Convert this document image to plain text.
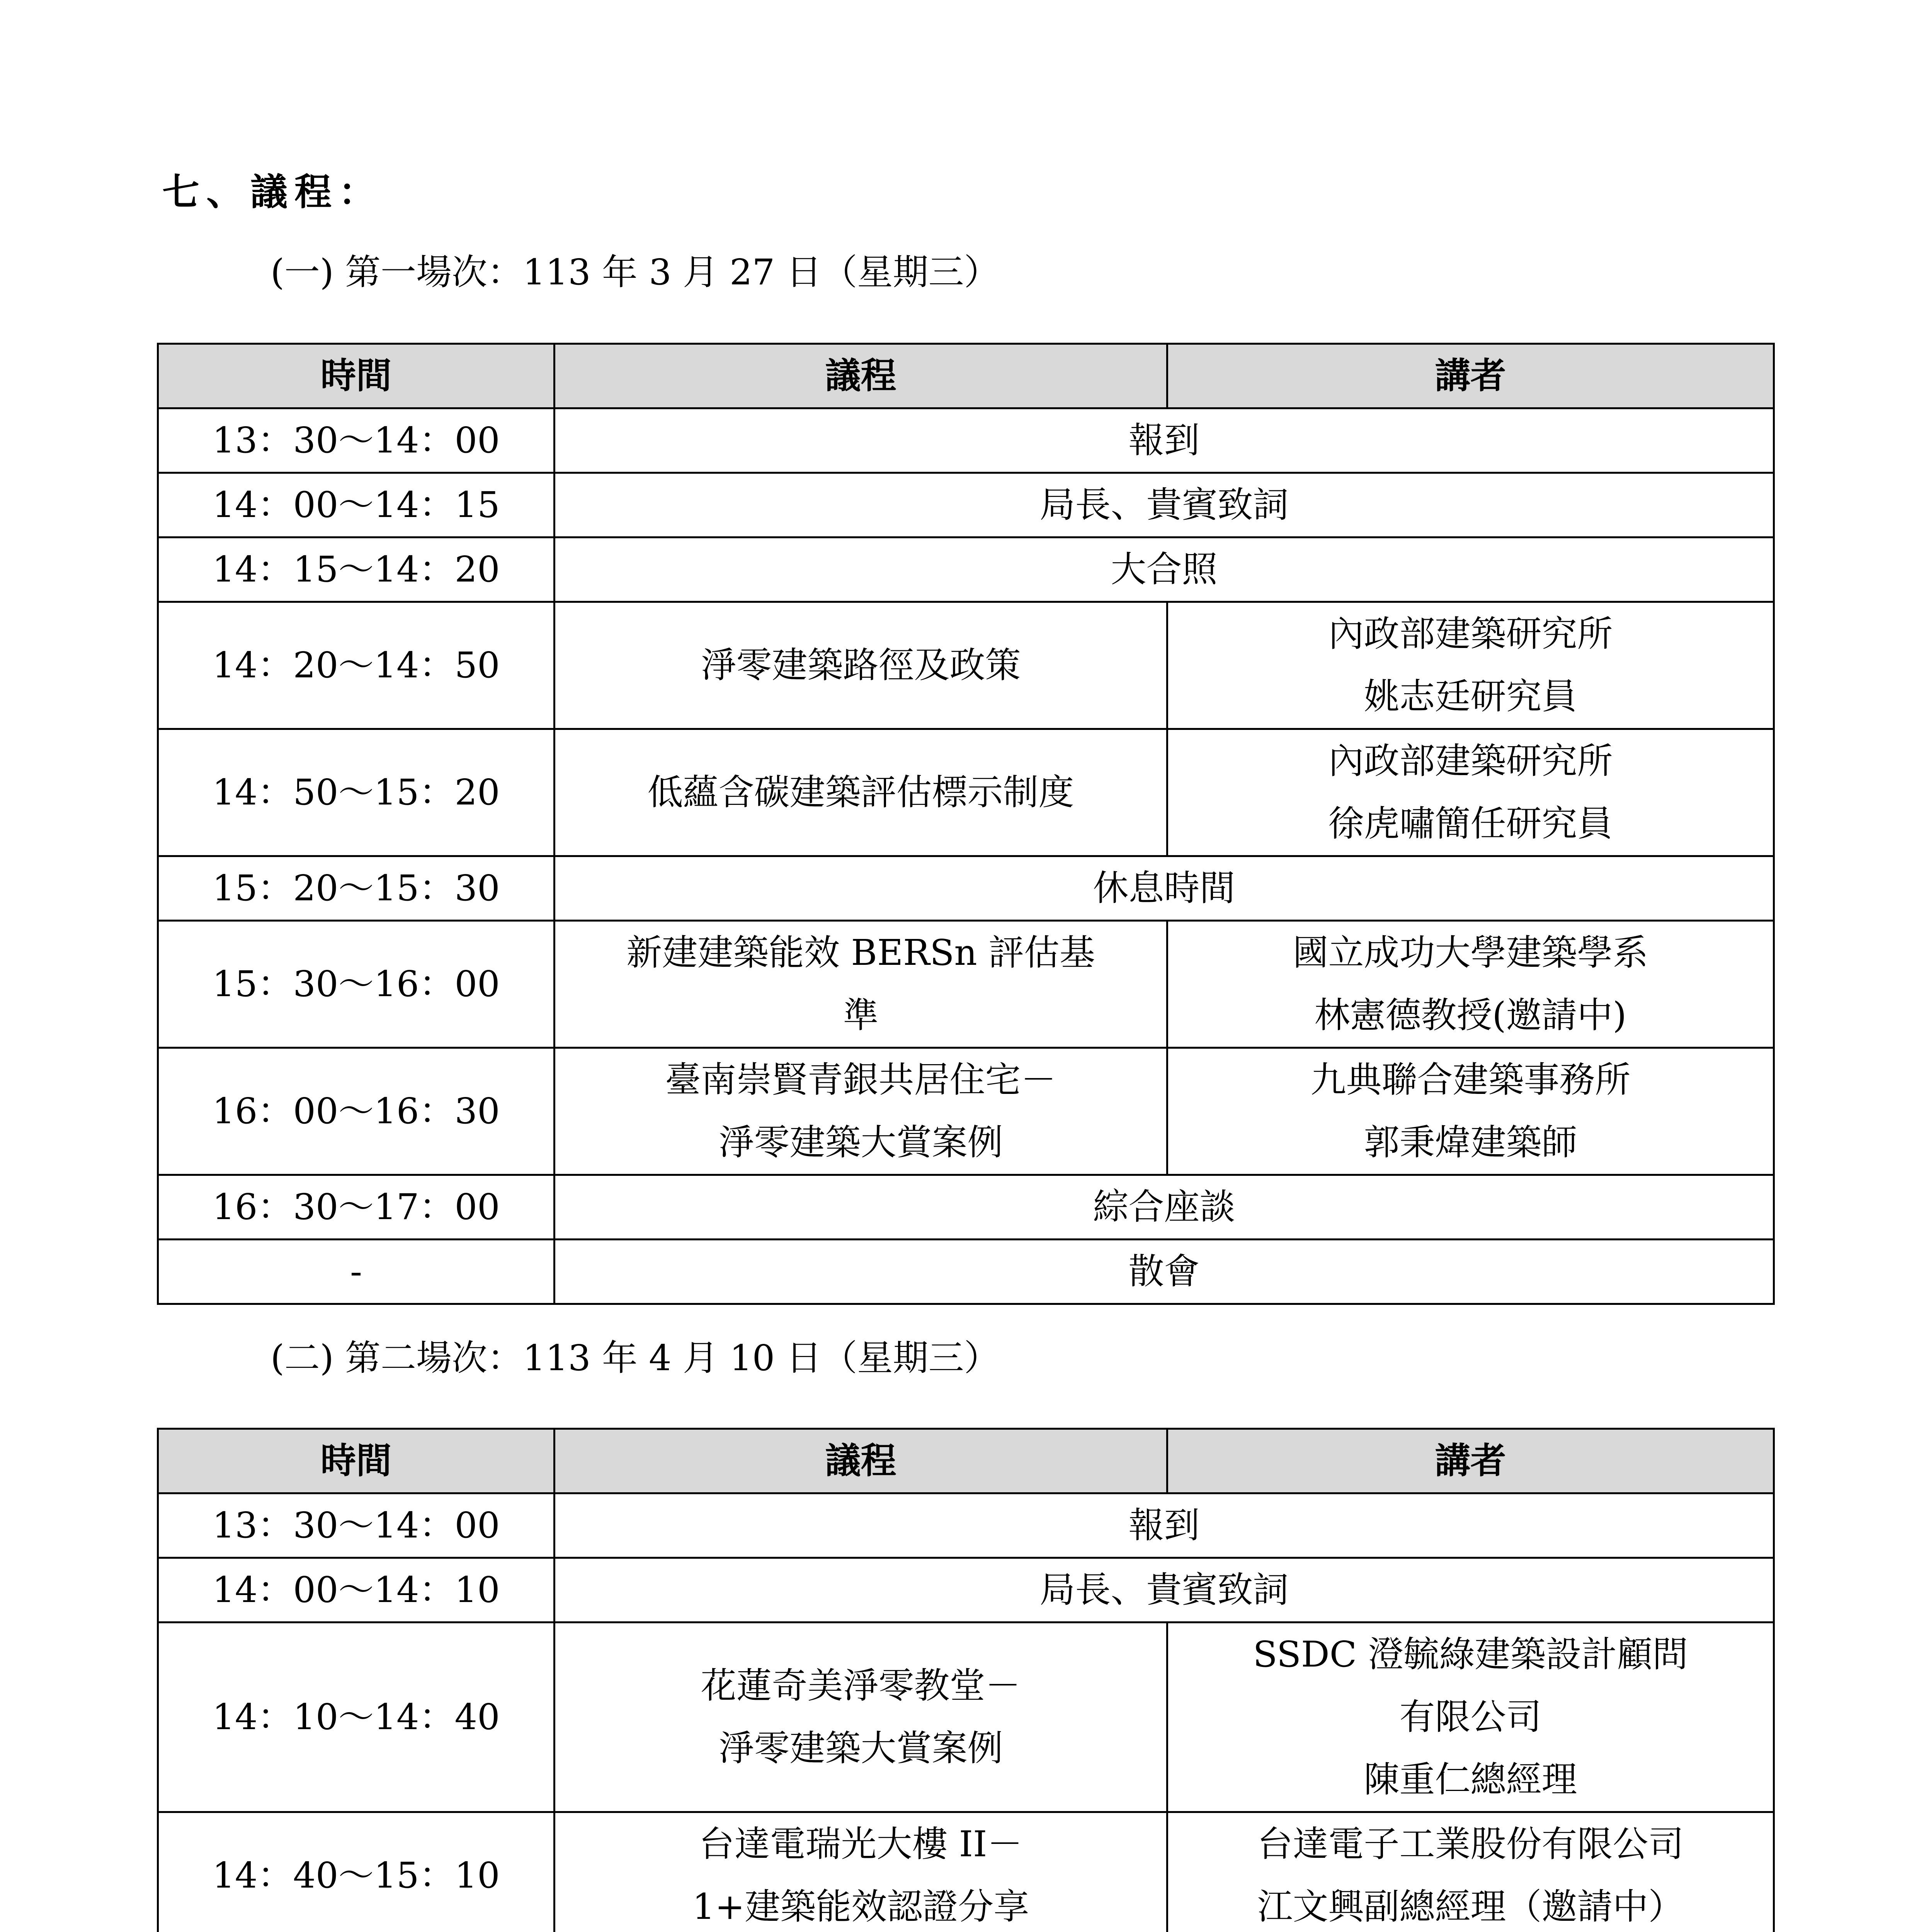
七、議程：
(一) 第一場次：113 年 3 月 27 日（星期三）
時間	議程	講者
13：30～14：00	報到	
14：00～14：15	局長、貴賓致詞	
14：15～14：20	大合照	
14：20～14：50	淨零建築路徑及政策	內政部建築研究所
姚志廷研究員

14：50～15：20	低蘊含碳建築評估標示制度	內政部建築研究所
徐虎嘯簡任研究員

15：20～15：30	休息時間	
15：30～16：00	新建建築能效 BERSn 評估基
準	國立成功大學建築學系
林憲德教授(邀請中)

16：00～16：30	臺南崇賢青銀共居住宅－
淨零建築大賞案例	九典聯合建築事務所
郭秉煒建築師

16：30～17：00	綜合座談	
-	散會	
(二) 第二場次：113 年 4 月 10 日（星期三）
時間	議程	講者
13：30～14：00	報到	
14：00～14：10	局長、貴賓致詞	
14：10～14：40	花蓮奇美淨零教堂－
淨零建築大賞案例	SSDC 澄毓綠建築設計顧問
有限公司
陳重仁總經理

14：40～15：10	台達電瑞光大樓 II－
1+建築能效認證分享	台達電子工業股份有限公司
江文興副總經理（邀請中）
